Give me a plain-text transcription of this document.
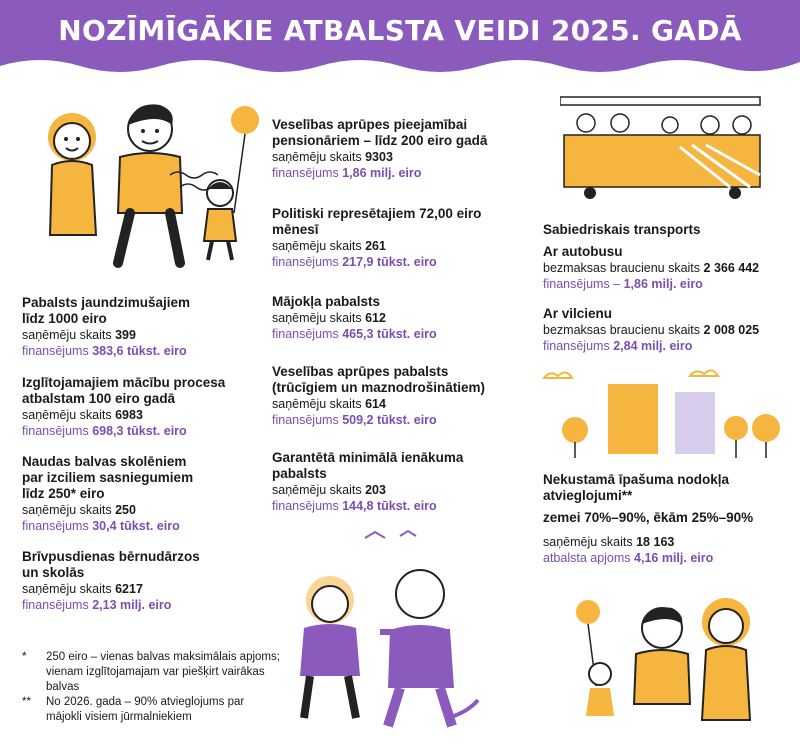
NOZĪMĪGĀKIE ATBALSTA VEIDI 2025. GADĀ
Pabalsts jaundzimušajiem
līdz 1000 eiro
saņēmēju skaits 399
finansējums 383,6 tūkst. eiro
Izglītojamajiem mācību procesa
atbalstam 100 eiro gadā
saņēmēju skaits 6983
finansējums 698,3 tūkst. eiro
Naudas balvas skolēniem
par izciliem sasniegumiem
līdz 250* eiro
saņēmēju skaits 250
finansējums 30,4 tūkst. eiro
Brīvpusdienas bērnudārzos
un skolās
saņēmēju skaits 6217
finansējums 2,13 milj. eiro
* 250 eiro – vienas balvas maksimālais apjoms; vienam izglītojamajam var piešķirt vairākas balvas
** No 2026. gada – 90% atvieglojums par mājokli visiem jūrmalniekiem
Veselības aprūpes pieejamībai
pensionāriem – līdz 200 eiro gadā
saņēmēju skaits 9303
finansējums 1,86 milj. eiro
Politiski represētajiem 72,00 eiro
mēnesī
saņēmēju skaits 261
finansējums 217,9 tūkst. eiro
Mājokļa pabalsts
saņēmēju skaits 612
finansējums 465,3 tūkst. eiro
Veselības aprūpes pabalsts
(trūcīgiem un maznodrošinātiem)
saņēmēju skaits 614
finansējums 509,2 tūkst. eiro
Garantētā minimālā ienākuma
pabalsts
saņēmēju skaits 203
finansējums 144,8 tūkst. eiro
Sabiedriskais transports
Ar autobusu
bezmaksas braucienu skaits 2 366 442
finansējums – 1,86 milj. eiro
Ar vilcienu
bezmaksas braucienu skaits 2 008 025
finansējums 2,84 milj. eiro
Nekustamā īpašuma nodokļa
atvieglojumi**
zemei 70%–90%, ēkām 25%–90%
saņēmēju skaits 18 163
atbalsta apjoms 4,16 milj. eiro
